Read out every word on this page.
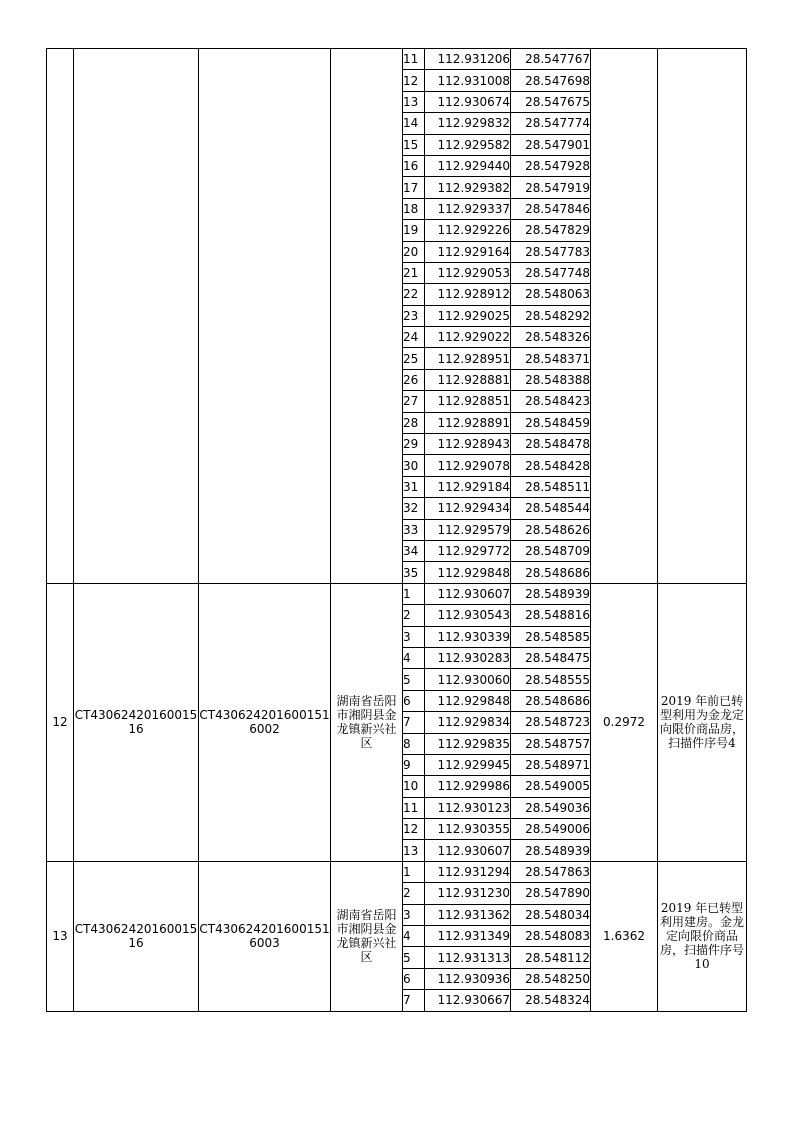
				11	112.931206	28.547767		
				12	112.931008	28.547698		
				13	112.930674	28.547675		
				14	112.929832	28.547774		
				15	112.929582	28.547901		
				16	112.929440	28.547928		
				17	112.929382	28.547919		
				18	112.929337	28.547846		
				19	112.929226	28.547829		
				20	112.929164	28.547783		
				21	112.929053	28.547748		
				22	112.928912	28.548063		
				23	112.929025	28.548292		
				24	112.929022	28.548326		
				25	112.928951	28.548371		
				26	112.928881	28.548388		
				27	112.928851	28.548423		
				28	112.928891	28.548459		
				29	112.928943	28.548478		
				30	112.929078	28.548428		
				31	112.929184	28.548511		
				32	112.929434	28.548544		
				33	112.929579	28.548626		
				34	112.929772	28.548709		
				35	112.929848	28.548686		
12	CT4306242016001516	CT4306242016001516002	湖南省岳阳市湘阴县金龙镇新兴社区	1	112.930607	28.548939	0.2972	2019 年前已转型利用为金龙定向限价商品房，扫描件序号4
				2	112.930543	28.548816		
				3	112.930339	28.548585		
				4	112.930283	28.548475		
				5	112.930060	28.548555		
				6	112.929848	28.548686		
				7	112.929834	28.548723		
				8	112.929835	28.548757		
				9	112.929945	28.548971		
				10	112.929986	28.549005		
				11	112.930123	28.549036		
				12	112.930355	28.549006		
				13	112.930607	28.548939		
13	CT4306242016001516	CT4306242016001516003	湖南省岳阳市湘阴县金龙镇新兴社区	1	112.931294	28.547863	1.6362	2019 年已转型利用建房。金龙定向限价商品房，扫描件序号10
				2	112.931230	28.547890		
				3	112.931362	28.548034		
				4	112.931349	28.548083		
				5	112.931313	28.548112		
				6	112.930936	28.548250		
				7	112.930667	28.548324		
